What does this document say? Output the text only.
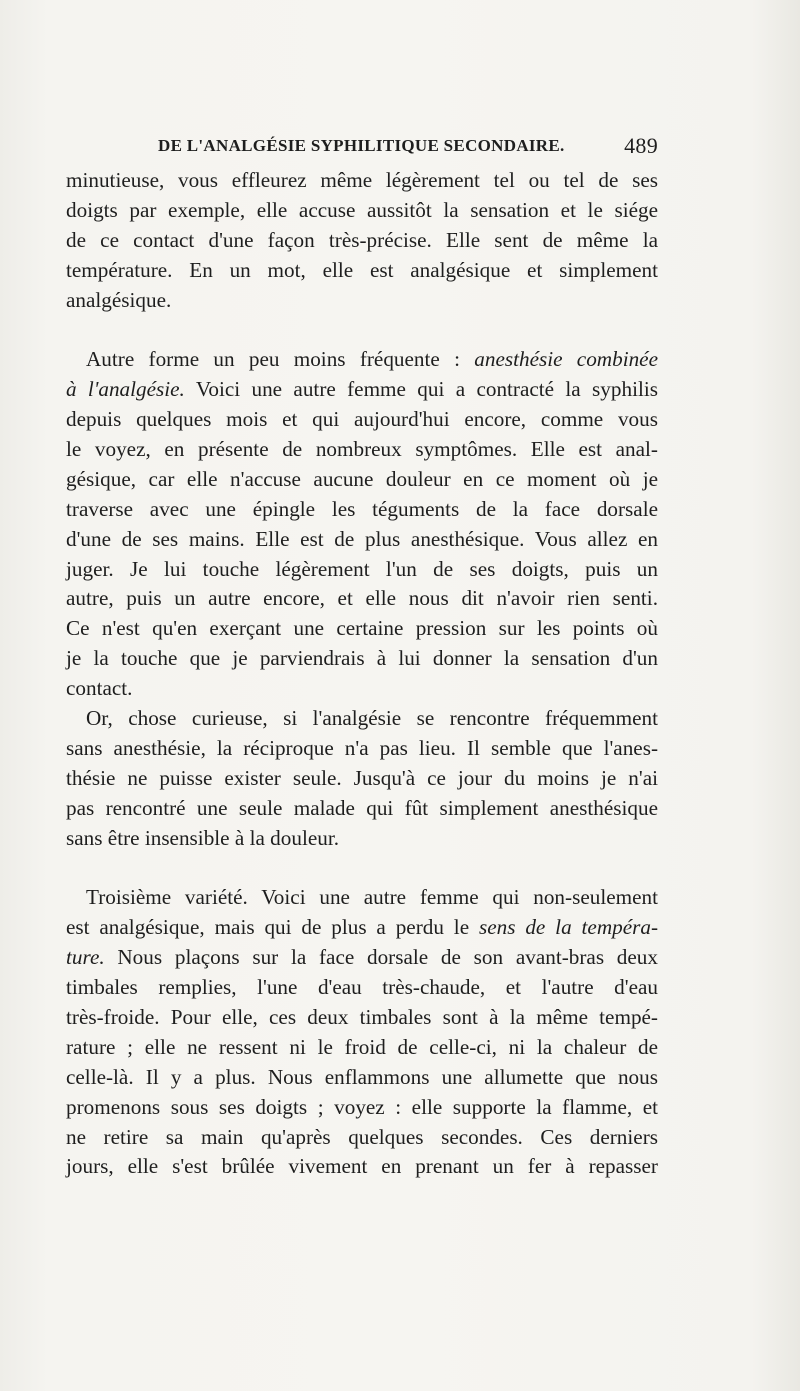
DE L'ANALGÉSIE SYPHILITIQUE SECONDAIRE.	489
minutieuse, vous effleurez même légèrement tel ou tel de ses
doigts par exemple, elle accuse aussitôt la sensation et le siége
de ce contact d'une façon très-précise. Elle sent de même la
température. En un mot, elle est analgésique et simplement
analgésique.
Autre forme un peu moins fréquente : anesthésie combinée
à l'analgésie. Voici une autre femme qui a contracté la syphilis
depuis quelques mois et qui aujourd'hui encore, comme vous
le voyez, en présente de nombreux symptômes. Elle est anal-
gésique, car elle n'accuse aucune douleur en ce moment où je
traverse avec une épingle les téguments de la face dorsale
d'une de ses mains. Elle est de plus anesthésique. Vous allez en
juger. Je lui touche légèrement l'un de ses doigts, puis un
autre, puis un autre encore, et elle nous dit n'avoir rien senti.
Ce n'est qu'en exerçant une certaine pression sur les points où
je la touche que je parviendrais à lui donner la sensation d'un
contact.
Or, chose curieuse, si l'analgésie se rencontre fréquemment
sans anesthésie, la réciproque n'a pas lieu. Il semble que l'anes-
thésie ne puisse exister seule. Jusqu'à ce jour du moins je n'ai
pas rencontré une seule malade qui fût simplement anesthésique
sans être insensible à la douleur.
Troisième variété. Voici une autre femme qui non-seulement
est analgésique, mais qui de plus a perdu le sens de la tempéra-
ture. Nous plaçons sur la face dorsale de son avant-bras deux
timbales remplies, l'une d'eau très-chaude, et l'autre d'eau
très-froide. Pour elle, ces deux timbales sont à la même tempé-
rature ; elle ne ressent ni le froid de celle-ci, ni la chaleur de
celle-là. Il y a plus. Nous enflammons une allumette que nous
promenons sous ses doigts ; voyez : elle supporte la flamme, et
ne retire sa main qu'après quelques secondes. Ces derniers
jours, elle s'est brûlée vivement en prenant un fer à repasser
